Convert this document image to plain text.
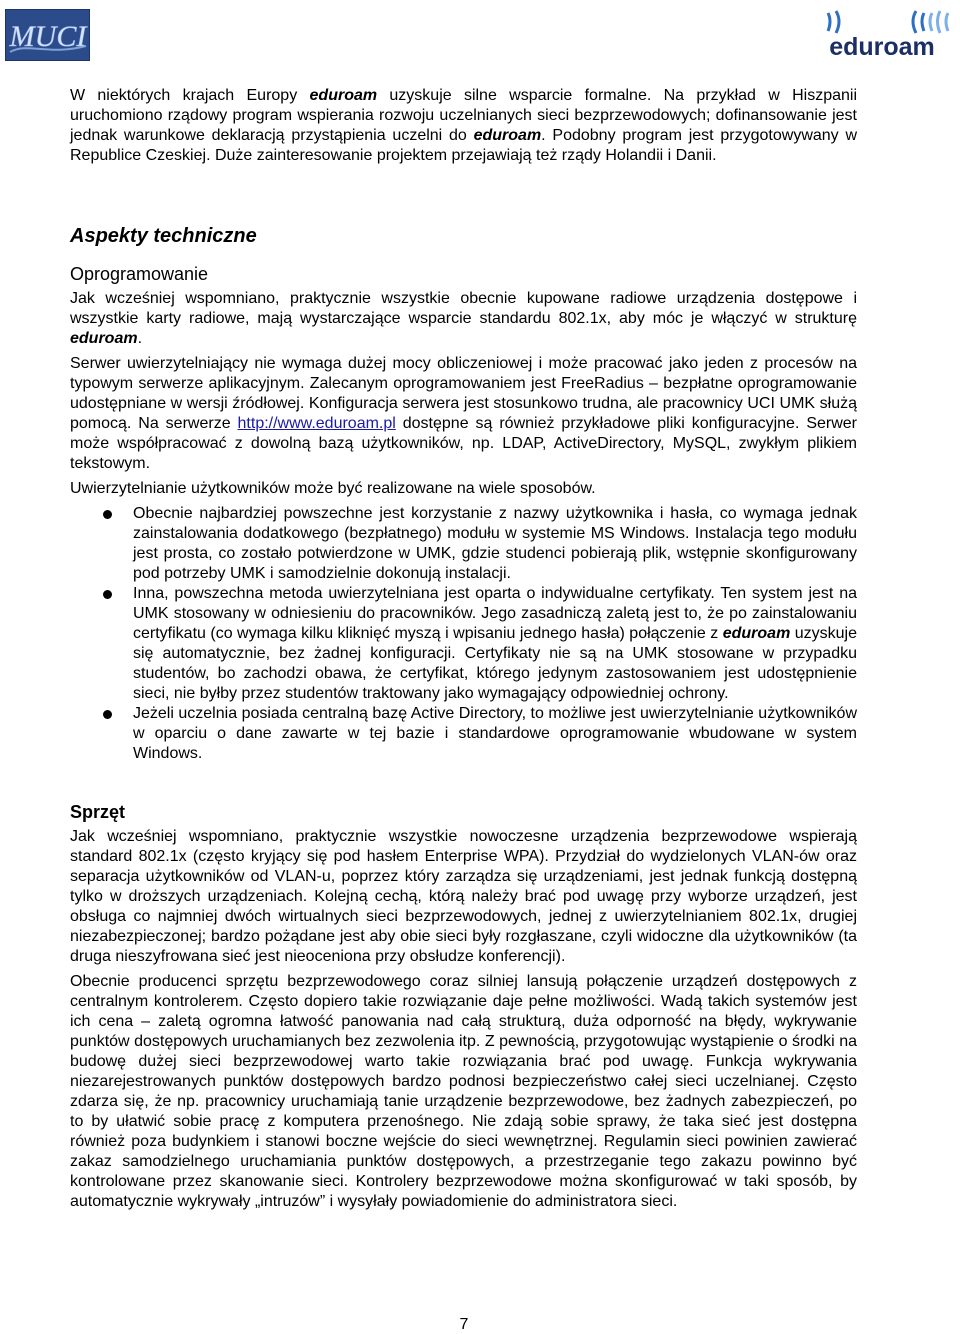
MUCI	eduroam

W niektórych krajach Europy eduroam uzyskuje silne wsparcie formalne. Na przykład w Hiszpanii uruchomiono rządowy program wspierania rozwoju uczelnianych sieci bezprzewodowych; dofinansowanie jest jednak warunkowe deklaracją przystąpienia uczelni do eduroam. Podobny program jest przygotowywany w Republice Czeskiej. Duże zainteresowanie projektem przejawiają też rządy Holandii i Danii.

Aspekty techniczne
Oprogramowanie

Jak wcześniej wspomniano, praktycznie wszystkie obecnie kupowane radiowe urządzenia dostępowe i wszystkie karty radiowe, mają wystarczające wsparcie standardu 802.1x, aby móc je włączyć w strukturę eduroam.

Serwer uwierzytelniający nie wymaga dużej mocy obliczeniowej i może pracować jako jeden z procesów na typowym serwerze aplikacyjnym. Zalecanym oprogramowaniem jest FreeRadius – bezpłatne oprogramowanie udostępniane w wersji źródłowej. Konfiguracja serwera jest stosunkowo trudna, ale pracownicy UCI UMK służą pomocą. Na serwerze http://www.eduroam.pl dostępne są również przykładowe pliki konfiguracyjne. Serwer może współpracować z dowolną bazą użytkowników, np. LDAP, ActiveDirectory, MySQL, zwykłym plikiem tekstowym.

Uwierzytelnianie użytkowników może być realizowane na wiele sposobów.

Obecnie najbardziej powszechne jest korzystanie z nazwy użytkownika i hasła, co wymaga jednak zainstalowania dodatkowego (bezpłatnego) modułu w systemie MS Windows. Instalacja tego modułu jest prosta, co zostało potwierdzone w UMK, gdzie studenci pobierają plik, wstępnie skonfigurowany pod potrzeby UMK i samodzielnie dokonują instalacji.
Inna, powszechna metoda uwierzytelniana jest oparta o indywidualne certyfikaty. Ten system jest na UMK stosowany w odniesieniu do pracowników. Jego zasadniczą zaletą jest to, że po zainstalowaniu certyfikatu (co wymaga kilku kliknięć myszą i wpisaniu jednego hasła) połączenie z eduroam uzyskuje się automatycznie, bez żadnej konfiguracji. Certyfikaty nie są na UMK stosowane w przypadku studentów, bo zachodzi obawa, że certyfikat, którego jedynym zastosowaniem jest udostępnienie sieci, nie byłby przez studentów traktowany jako wymagający odpowiedniej ochrony.
Jeżeli uczelnia posiada centralną bazę Active Directory, to możliwe jest uwierzytelnianie użytkowników w oparciu o dane zawarte w tej bazie i standardowe oprogramowanie wbudowane w system Windows.
Sprzęt

Jak wcześniej wspomniano, praktycznie wszystkie nowoczesne urządzenia bezprzewodowe wspierają standard 802.1x (często kryjący się pod hasłem Enterprise WPA). Przydział do wydzielonych VLAN-ów oraz separacja użytkowników od VLAN-u, poprzez który zarządza się urządzeniami, jest jednak funkcją dostępną tylko w droższych urządzeniach. Kolejną cechą, którą należy brać pod uwagę przy wyborze urządzeń, jest obsługa co najmniej dwóch wirtualnych sieci bezprzewodowych, jednej z uwierzytelnianiem 802.1x, drugiej niezabezpieczonej; bardzo pożądane jest aby obie sieci były rozgłaszane, czyli widoczne dla użytkowników (ta druga nieszyfrowana sieć jest nieoceniona przy obsłudze konferencji).

Obecnie producenci sprzętu bezprzewodowego coraz silniej lansują połączenie urządzeń dostępowych z centralnym kontrolerem. Często dopiero takie rozwiązanie daje pełne możliwości. Wadą takich systemów jest ich cena – zaletą ogromna łatwość panowania nad całą strukturą, duża odporność na błędy, wykrywanie punktów dostępowych uruchamianych bez zezwolenia itp. Z pewnością, przygotowując wystąpienie o środki na budowę dużej sieci bezprzewodowej warto takie rozwiązania brać pod uwagę. Funkcja wykrywania niezarejestrowanych punktów dostępowych bardzo podnosi bezpieczeństwo całej sieci uczelnianej. Często zdarza się, że np. pracownicy uruchamiają tanie urządzenie bezprzewodowe, bez żadnych zabezpieczeń, po to by ułatwić sobie pracę z komputera przenośnego. Nie zdają sobie sprawy, że taka sieć jest dostępna również poza budynkiem i stanowi boczne wejście do sieci wewnętrznej. Regulamin sieci powinien zawierać zakaz samodzielnego uruchamiania punktów dostępowych, a przestrzeganie tego zakazu powinno być kontrolowane przez skanowanie sieci. Kontrolery bezprzewodowe można skonfigurować w taki sposób, by automatycznie wykrywały „intruzów” i wysyłały powiadomienie do administratora sieci.

7
